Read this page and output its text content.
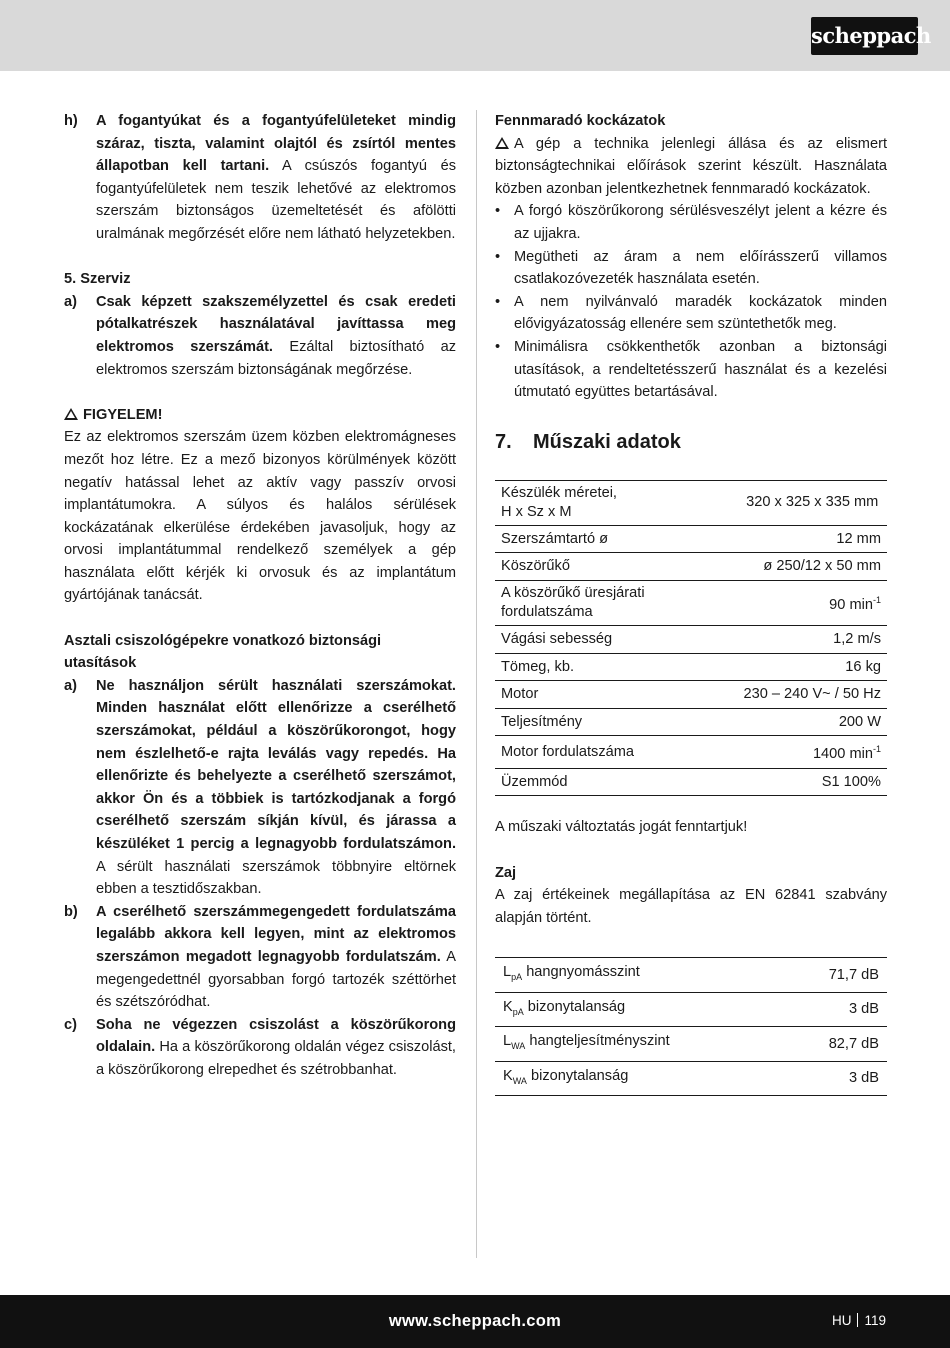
scheppach
h)	A fogantyúkat és a fogantyúfelületeket mindig száraz, tiszta, valamint olajtól és zsírtól mentes állapotban kell tartani. A csúszós fogantyú és fogantyúfelületek nem teszik lehetővé az elektromos szerszám biztonságos üzemeltetését és afölötti uralmának megőrzését előre nem látható helyzetekben.
5. Szerviz
a)	Csak képzett szakszemélyzettel és csak eredeti pótalkatrészek használatával javíttassa meg elektromos szerszámát. Ezáltal biztosítható az elektromos szerszám biztonságának megőrzése.
FIGYELEM!
Ez az elektromos szerszám üzem közben elektromágneses mezőt hoz létre. Ez a mező bizonyos körülmények között negatív hatással lehet az aktív vagy passzív orvosi implantátumokra. A súlyos és halálos sérülések kockázatának elkerülése érdekében javasoljuk, hogy az orvosi implantátummal rendelkező személyek a gép használata előtt kérjék ki orvosuk és az implantátum gyártójának tanácsát.
Asztali csiszológépekre vonatkozó biztonsági utasítások
a)	Ne használjon sérült használati szerszámokat. Minden használat előtt ellenőrizze a cserélhető szerszámokat, például a köszörűkorongot, hogy nem észlelhető-e rajta leválás vagy repedés. Ha ellenőrizte és behelyezte a cserélhető szerszámot, akkor Ön és a többiek is tartózkodjanak a forgó cserélhető szerszám síkján kívül, és járassa a készüléket 1 percig a legnagyobb fordulatszámon. A sérült használati szerszámok többnyire eltörnek ebben a tesztidőszakban.
b)	A cserélhető szerszámmegengedett fordulatszáma legalább akkora kell legyen, mint az elektromos szerszámon megadott legnagyobb fordulatszám. A megengedettnél gyorsabban forgó tartozék széttörhet és szétszóródhat.
c)	Soha ne végezzen csiszolást a köszörűkorong oldalain. Ha a köszörűkorong oldalán végez csiszolást, a köszörűkorong elrepedhet és szétrobbanhat.
Fennmaradó kockázatok
A gép a technika jelenlegi állása és az elismert biztonságtechnikai előírások szerint készült. Használata közben azonban jelentkezhetnek fennmaradó kockázatok.
• A forgó köszörűkorong sérülésveszélyt jelent a kézre és az ujjakra.
• Megütheti az áram a nem előírásszerű villamos csatlakozóvezeték használata esetén.
• A nem nyilvánvaló maradék kockázatok minden elővigyázatosság ellenére sem szüntethetők meg.
• Minimálisra csökkenthetők azonban a biztonsági utasítások, a rendeltetésszerű használat és a kezelési útmutató együttes betartásával.
7.	Műszaki adatok
Készülék méretei,
H x Sz x M	320 x 325 x 335 mm
Szerszámtartó ø	12 mm
Köszörűkő	ø 250/12 x 50 mm
A köszörűkő üresjárati fordulatszáma	90 $\min^{-1}$
Vágási sebesség	1,2 m/s
Tömeg, kb.	16 kg
Motor	230 – 240 V~ / 50 Hz
Teljesítmény	200 W
Motor fordulatszáma	1400 $\min^{-1}$
Üzemmód	S1 100%
A műszaki változtatás jogát fenntartjuk!
Zaj
A zaj értékeinek megállapítása az EN 62841 szabvány alapján történt.
$L_{pA}$ hangnyomásszint	71,7 dB
$K_{pA}$ bizonytalanság	3 dB
$L_{WA}$ hangteljesítményszint	82,7 dB
$K_{WA}$ bizonytalanság	3 dB
www.scheppach.com	HU 119
